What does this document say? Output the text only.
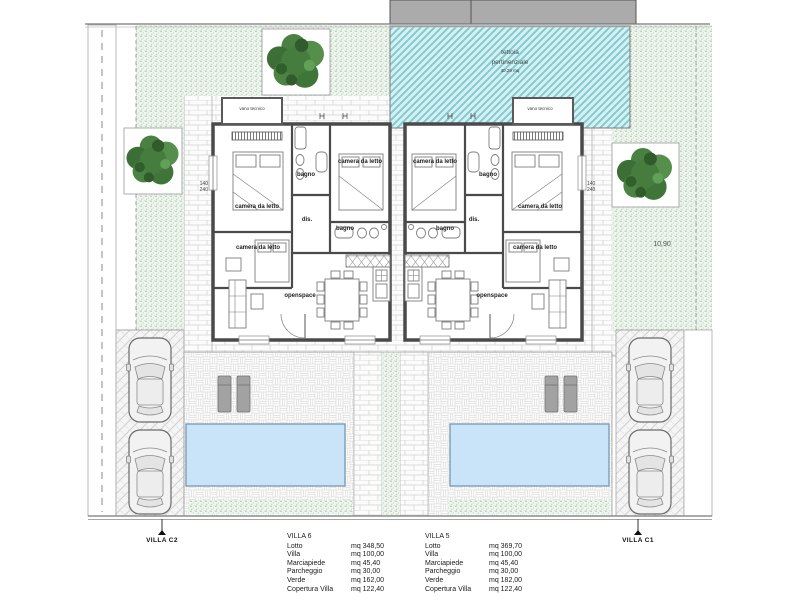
tettoia
pertinenziale
40,29 mq
vano tecnico
camera da letto
bagno
camera da letto
dis.
bagno
camera da letto
openspace
vano tecnico
camera da letto
bagno
camera da letto
dis.
bagno
camera da letto
openspace
140
240
140
240
10,90
VILLA C2	VILLA C1
VILLA 6
Lotto	mq 348,50
Villa	mq 100,00
Marciapiede	mq 45,40
Parcheggio	mq 30,00
Verde	mq 162,00
Copertura Villa	mq 122,40
VILLA 5
Lotto	mq 369,70
Villa	mq 100,00
Marciapiede	mq 45,40
Parcheggio	mq 30,00
Verde	mq 182,00
Copertura Villa	mq 122,40
